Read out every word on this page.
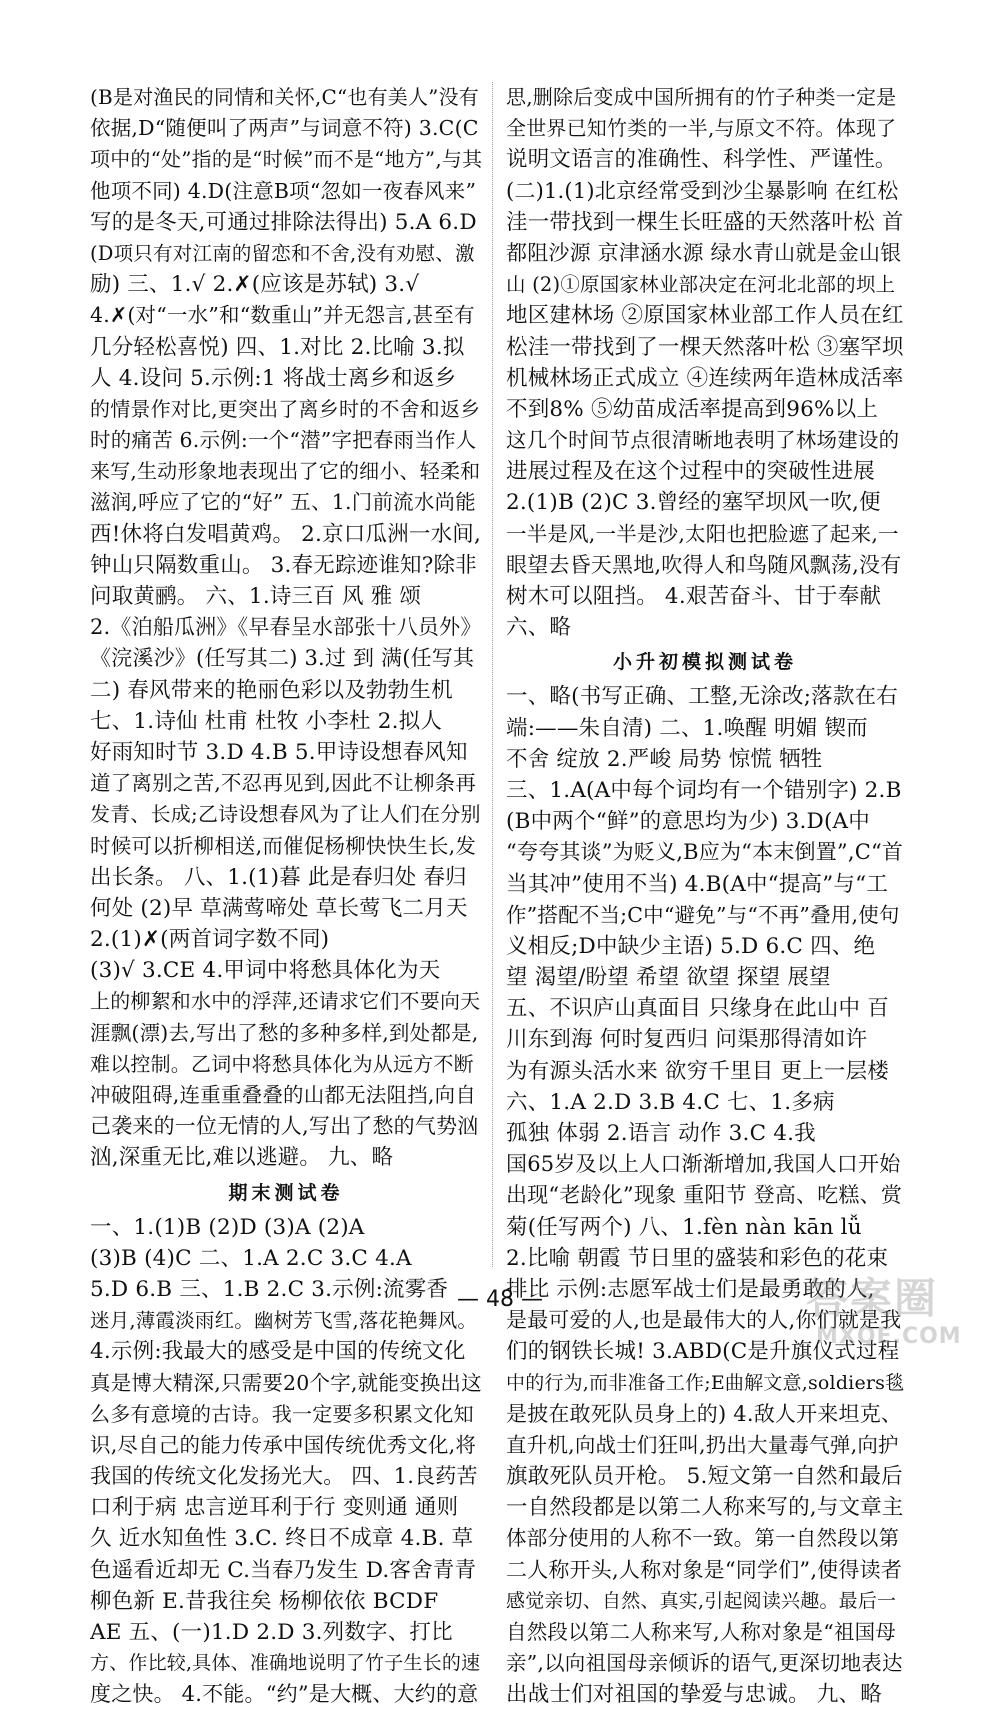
(B是对渔民的同情和关怀,C“也有美人”没有
依据,D“随便叫了两声”与词意不符) 3.C(C
项中的“处”指的是“时候”而不是“地方”,与其
他项不同) 4.D(注意B项“忽如一夜春风来”
写的是冬天,可通过排除法得出) 5.A 6.D
(D项只有对江南的留恋和不舍,没有劝慰、激
励) 三、1.√ 2.✗(应该是苏轼) 3.√
4.✗(对“一水”和“数重山”并无怨言,甚至有
几分轻松喜悦) 四、1.对比 2.比喻 3.拟
人 4.设问 5.示例:1 将战士离乡和返乡
的情景作对比,更突出了离乡时的不舍和返乡
时的痛苦 6.示例:一个“潜”字把春雨当作人
来写,生动形象地表现出了它的细小、轻柔和
滋润,呼应了它的“好” 五、1.门前流水尚能
西!休将白发唱黄鸡。 2.京口瓜洲一水间,
钟山只隔数重山。 3.春无踪迹谁知?除非
问取黄鹂。 六、1.诗三百 风 雅 颂
2.《泊船瓜洲》《早春呈水部张十八员外》
《浣溪沙》(任写其二) 3.过 到 满(任写其
二) 春风带来的艳丽色彩以及勃勃生机
七、1.诗仙 杜甫 杜牧 小李杜 2.拟人
好雨知时节 3.D 4.B 5.甲诗设想春风知
道了离别之苦,不忍再见到,因此不让柳条再
发青、长成;乙诗设想春风为了让人们在分别
时候可以折柳相送,而催促杨柳快快生长,发
出长条。 八、1.(1)暮 此是春归处 春归
何处 (2)早 草满莺啼处 草长莺飞二月天
2.(1)✗(两首词字数不同)
(3)√ 3.CE 4.甲词中将愁具体化为天
上的柳絮和水中的浮萍,还请求它们不要向天
涯飘(漂)去,写出了愁的多种多样,到处都是,
难以控制。乙词中将愁具体化为从远方不断
冲破阻碍,连重重叠叠的山都无法阻挡,向自
己袭来的一位无情的人,写出了愁的气势汹
汹,深重无比,难以逃避。 九、略
期末测试卷
一、1.(1)B (2)D (3)A (2)A
(3)B (4)C 二、1.A 2.C 3.C 4.A
5.D 6.B 三、1.B 2.C 3.示例:流雾香
迷月,薄霞淡雨红。幽树芳飞雪,落花艳舞风。
4.示例:我最大的感受是中国的传统文化
真是博大精深,只需要20个字,就能变换出这
么多有意境的古诗。我一定要多积累文化知
识,尽自己的能力传承中国传统优秀文化,将
我国的传统文化发扬光大。 四、1.良药苦
口利于病 忠言逆耳利于行 变则通 通则
久 近水知鱼性 3.C. 终日不成章 4.B. 草
色遥看近却无 C.当春乃发生 D.客舍青青
柳色新 E.昔我往矣 杨柳依依 BCDF
AE 五、(一)1.D 2.D 3.列数字、打比
方、作比较,具体、准确地说明了竹子生长的速
度之快。 4.不能。“约”是大概、大约的意
思,删除后变成中国所拥有的竹子种类一定是
全世界已知竹类的一半,与原文不符。体现了
说明文语言的准确性、科学性、严谨性。
(二)1.(1)北京经常受到沙尘暴影响 在红松
洼一带找到一棵生长旺盛的天然落叶松 首
都阻沙源 京津涵水源 绿水青山就是金山银
山 (2)①原国家林业部决定在河北北部的坝上
地区建林场 ②原国家林业部工作人员在红
松洼一带找到了一棵天然落叶松 ③塞罕坝
机械林场正式成立 ④连续两年造林成活率
不到8% ⑤幼苗成活率提高到96%以上
这几个时间节点很清晰地表明了林场建设的
进展过程及在这个过程中的突破性进展
2.(1)B (2)C 3.曾经的塞罕坝风一吹,便
一半是风,一半是沙,太阳也把脸遮了起来,一
眼望去昏天黑地,吹得人和鸟随风飘荡,没有
树木可以阻挡。 4.艰苦奋斗、甘于奉献
六、略
小升初模拟测试卷
一、略(书写正确、工整,无涂改;落款在右
端:——朱自清) 二、1.唤醒 明媚 锲而
不舍 绽放 2.严峻 局势 惊慌 牺牲
三、1.A(A中每个词均有一个错别字) 2.B
(B中两个“鲜”的意思均为少) 3.D(A中
“夸夸其谈”为贬义,B应为“本末倒置”,C“首
当其冲”使用不当) 4.B(A中“提高”与“工
作”搭配不当;C中“避免”与“不再”叠用,使句
义相反;D中缺少主语) 5.D 6.C 四、绝
望 渴望/盼望 希望 欲望 探望 展望
五、不识庐山真面目 只缘身在此山中 百
川东到海 何时复西归 问渠那得清如许
为有源头活水来 欲穷千里目 更上一层楼
六、1.A 2.D 3.B 4.C 七、1.多病
孤独 体弱 2.语言 动作 3.C 4.我
国65岁及以上人口渐渐增加,我国人口开始
出现“老龄化”现象 重阳节 登高、吃糕、赏
菊(任写两个) 八、1.fèn nàn kān lǚ
2.比喻 朝霞 节日里的盛装和彩色的花束
排比 示例:志愿军战士们是最勇敢的人,
是最可爱的人,也是最伟大的人,你们就是我
们的钢铁长城! 3.ABD(C是升旗仪式过程
中的行为,而非准备工作;E曲解文意,soldiers毯
是披在敢死队员身上的) 4.敌人开来坦克、
直升机,向战士们狂叫,扔出大量毒气弹,向护
旗敢死队员开枪。 5.短文第一自然和最后
一自然段都是以第二人称来写的,与文章主
体部分使用的人称不一致。第一自然段以第
二人称开头,人称对象是“同学们”,使得读者
感觉亲切、自然、真实,引起阅读兴趣。最后一
自然段以第二人称来写,人称对象是“祖国母
亲”,以向祖国母亲倾诉的语气,更深切地表达
出战士们对祖国的挚爱与忠诚。 九、略
— 48 —	答案圈
MXQE.COM
